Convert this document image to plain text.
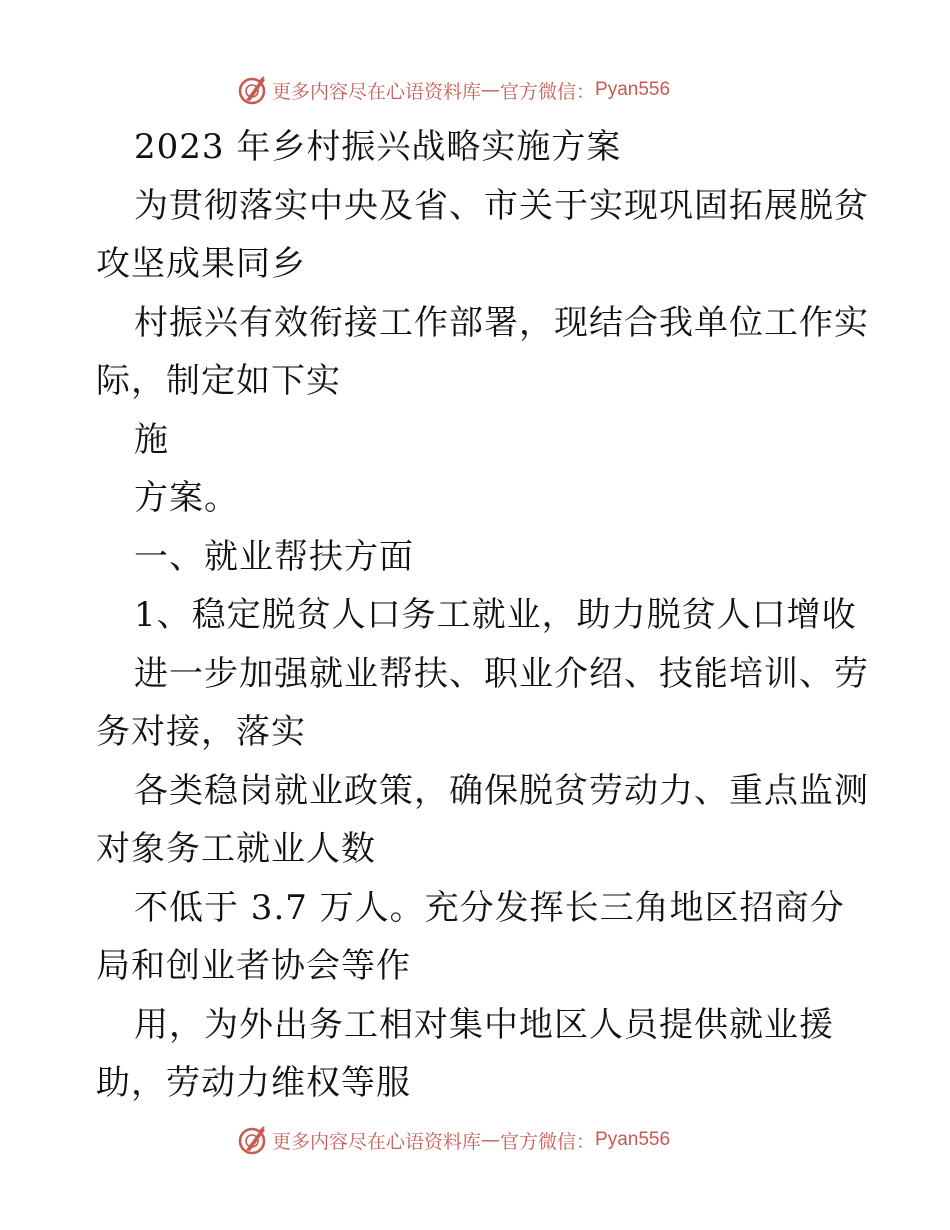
更多内容尽在心语资料库 — 官方微信： Pyan556
2023 年乡村振兴战略实施方案
为贯彻落实中央及省、市关于实现巩固拓展脱贫
攻坚成果同乡
村振兴有效衔接工作部署，现结合我单位工作实
际，制定如下实
施
方案。
一、就业帮扶方面
1、稳定脱贫人口务工就业，助力脱贫人口增收
进一步加强就业帮扶、职业介绍、技能培训、劳
务对接，落实
各类稳岗就业政策，确保脱贫劳动力、重点监测
对象务工就业人数
不低于 3.7 万人。充分发挥长三角地区招商分
局和创业者协会等作
用，为外出务工相对集中地区人员提供就业援
助，劳动力维权等服
更多内容尽在心语资料库 — 官方微信： Pyan556
